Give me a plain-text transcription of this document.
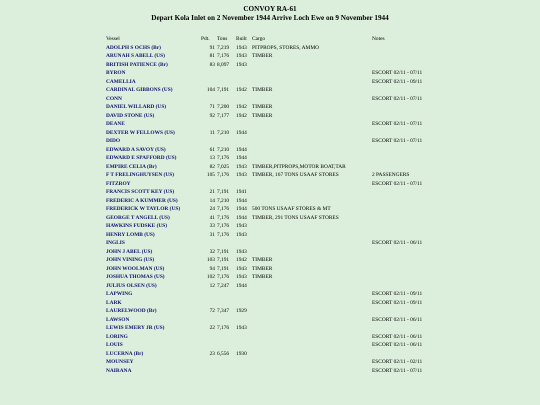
CONVOY RA-61
Depart Kola Inlet on 2 November 1944 Arrive Loch Ewe on 9 November 1944
Vessel	Pdt. Tons Built Cargo	Notes
ADOLPH S OCHS (Br)	91 7,219 1943 PITPROPS, STORES, AMMO
ARUNAH S ABELL (US)	81 7,176 1943 TIMBER
BRITISH PATIENCE (Br)	83 8,097 1943
BYRON	ESCORT 02/11 - 07/11
CAMELLIA	ESCORT 02/11 - 09/11
CARDINAL GIBBONS (US)	104 7,191 1942 TIMBER
CONN	ESCORT 02/11 - 07/11
DANIEL WILLARD (US)	71 7,200 1942 TIMBER
DAVID STONE (US)	92 7,177 1942 TIMBER
DEANE	ESCORT 02/11 - 07/11
DEXTER W FELLOWS (US)	11 7,210 1944
DIDO	ESCORT 02/11 - 07/11
EDWARD A SAVOY (US)	61 7,210 1944
EDWARD E SPAFFORD (US)	13 7,176 1944
EMPIRE CELIA (Br)	82 7,025 1943 TIMBER,PITPROPS,MOTOR BOAT,TAR
F T FRELINGHUYSEN (US)	105 7,176 1943 TIMBER, 167 TONS USAAF STORES	2 PASSENGERS
FITZROY	ESCORT 02/11 - 07/11
FRANCIS SCOTT KEY (US)	21 7,191 1941
FREDERIC A KUMMER (US)	14 7,210 1944
FREDERICK W TAYLOR (US)	24 7,176 1944 500 TONS USAAF STORES & MT
GEORGE T ANGELL (US)	41 7,176 1944 TIMBER, 291 TONS USAAF STORES
HAWKINS FUDSKE (US)	33 7,176 1943
HENRY LOMB (US)	31 7,176 1943
INGLIS	ESCORT 02/11 - 06/11
JOHN J ABEL (US)	32 7,191 1943
JOHN VINING (US)	103 7,191 1942 TIMBER
JOHN WOOLMAN (US)	94 7,191 1943 TIMBER
JOSHUA THOMAS (US)	102 7,176 1943 TIMBER
JULIUS OLSEN (US)	12 7,247 1944
LAPWING	ESCORT 02/11 - 09/11
LARK	ESCORT 02/11 - 09/11
LAURELWOOD (Br)	72 7,347 1929
LAWSON	ESCORT 02/11 - 06/11
LEWIS EMERY JR (US)	22 7,176 1943
LORING	ESCORT 02/11 - 06/11
LOUIS	ESCORT 02/11 - 06/11
LUCERNA (Br)	23 6,556 1930
MOUNSEY	ESCORT 02/11 - 02/11
NAIRANA	ESCORT 02/11 - 07/11
